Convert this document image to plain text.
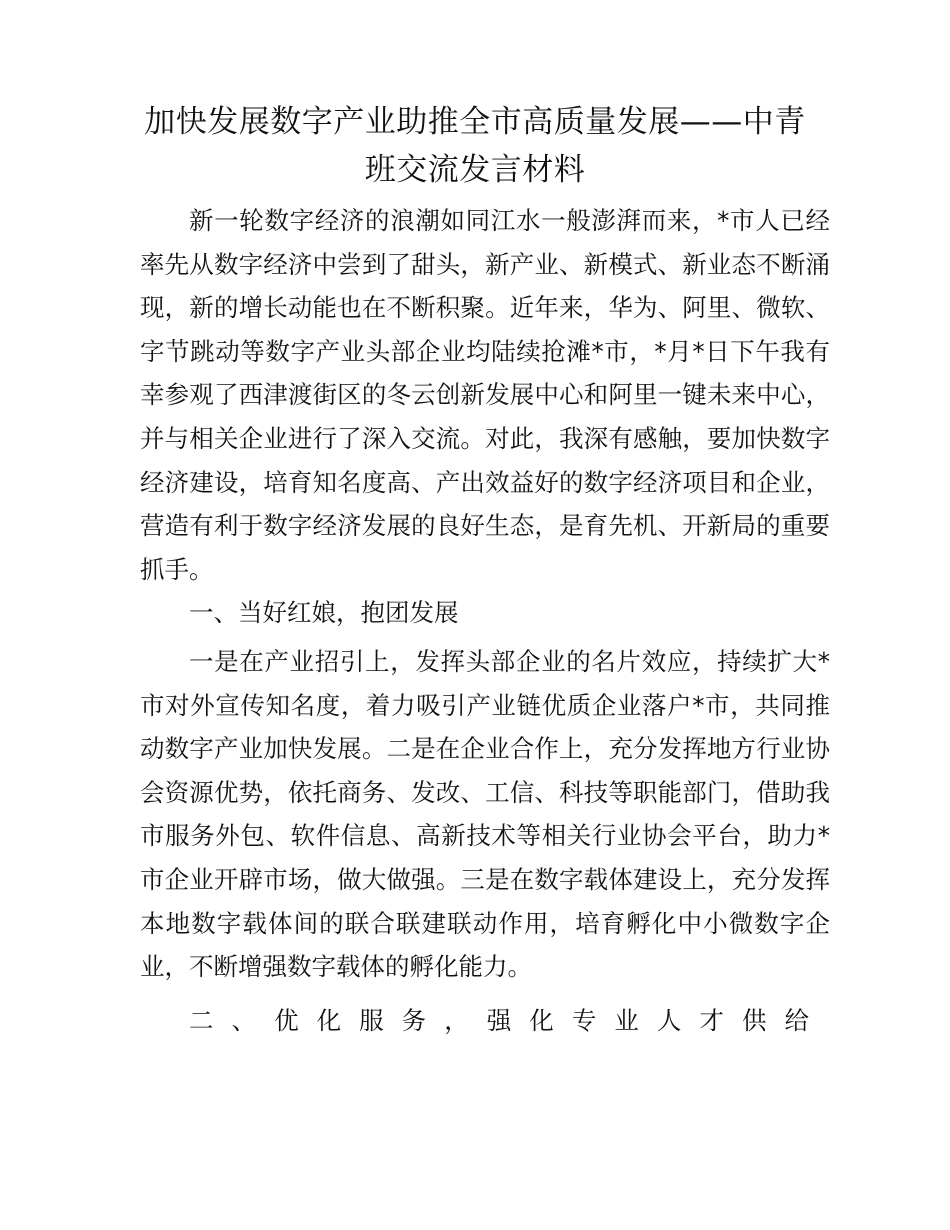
加快发展数字产业助推全市高质量发展——中青班交流发言材料

新一轮数字经济的浪潮如同江水一般澎湃而来，*市人已经率先从数字经济中尝到了甜头，新产业、新模式、新业态不断涌现，新的增长动能也在不断积聚。近年来，华为、阿里、微软、字节跳动等数字产业头部企业均陆续抢滩*市，*月*日下午我有幸参观了西津渡街区的冬云创新发展中心和阿里一键未来中心，并与相关企业进行了深入交流。对此，我深有感触，要加快数字经济建设，培育知名度高、产出效益好的数字经济项目和企业，营造有利于数字经济发展的良好生态，是育先机、开新局的重要抓手。

一、当好红娘，抱团发展

一是在产业招引上，发挥头部企业的名片效应，持续扩大*市对外宣传知名度，着力吸引产业链优质企业落户*市，共同推动数字产业加快发展。二是在企业合作上，充分发挥地方行业协会资源优势，依托商务、发改、工信、科技等职能部门，借助我市服务外包、软件信息、高新技术等相关行业协会平台，助力*市企业开辟市场，做大做强。三是在数字载体建设上，充分发挥本地数字载体间的联合联建联动作用，培育孵化中小微数字企业，不断增强数字载体的孵化能力。

二、优化服务，强化专业人才供给
